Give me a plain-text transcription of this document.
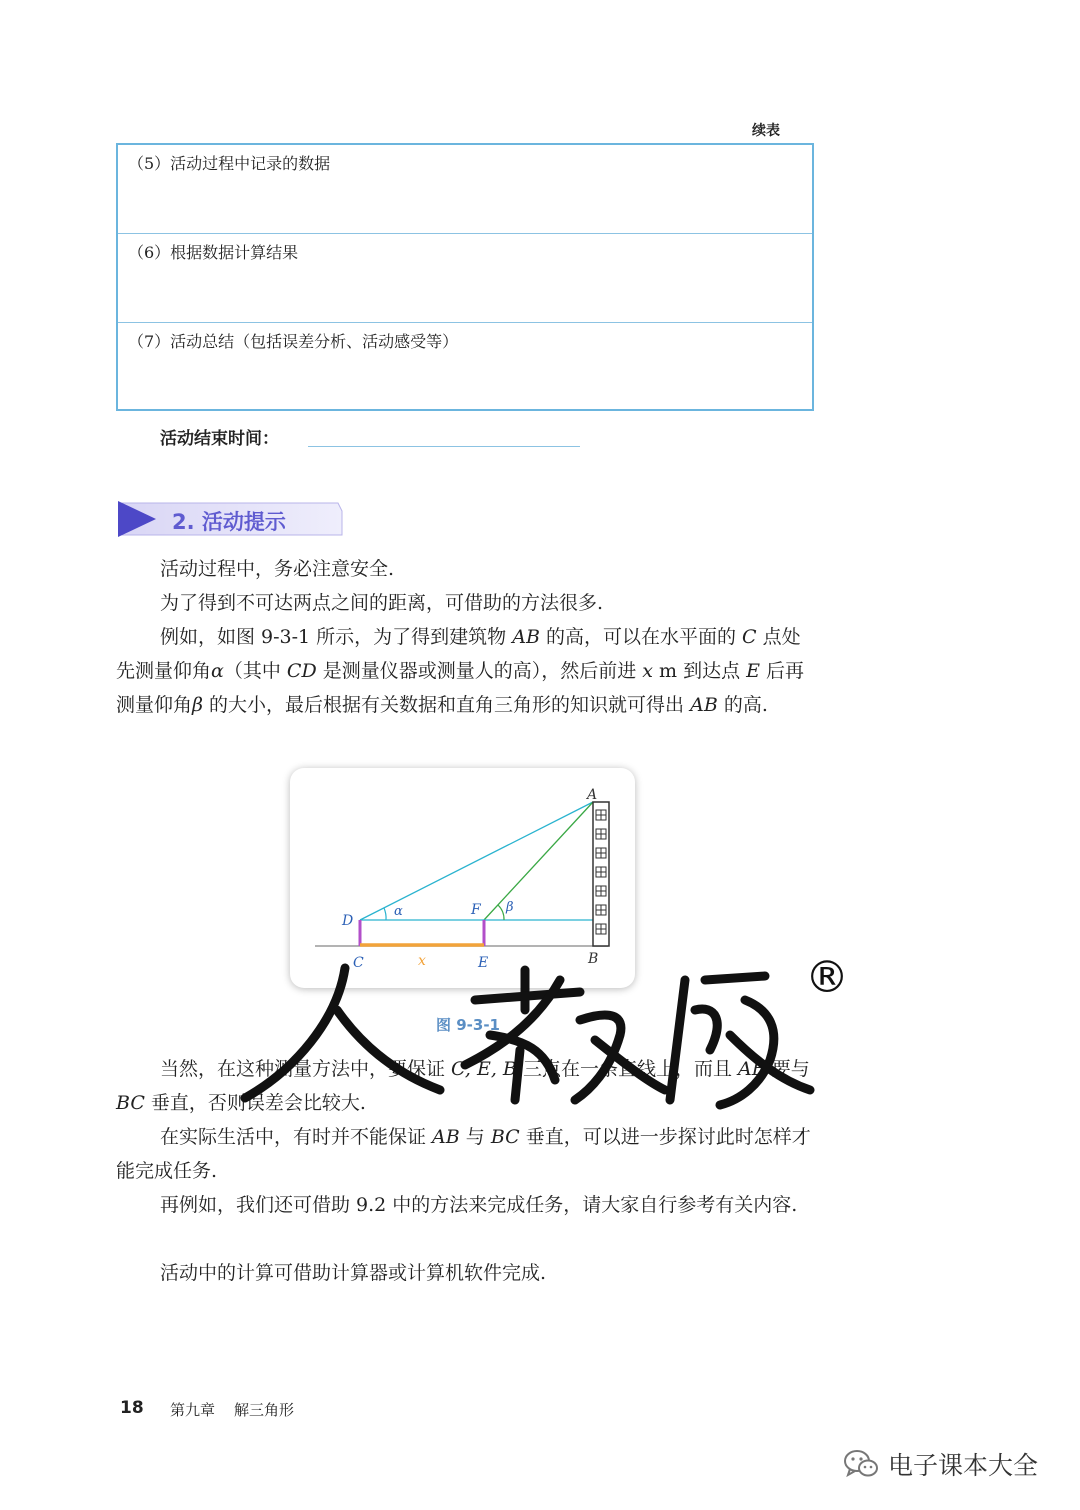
续表
（5）活动过程中记录的数据
（6）根据数据计算结果
（7）活动总结（包括误差分析、活动感受等）
活动结束时间：
2. 活动提示

活动过程中，务必注意安全.

为了得到不可达两点之间的距离，可借助的方法很多.

例如，如图 9-3-1 所示，为了得到建筑物 AB 的高，可以在水平面的 C 点处先测量仰角α（其中 CD 是测量仪器或测量人的高），然后前进 x m 到达点 E 后再测量仰角β 的大小，最后根据有关数据和直角三角形的知识就可得出 AB 的高.

A
B
C
D
E
F
x
α	β
图 9-3-1

当然，在这种测量方法中，要保证 C, E, B 三点在一条直线上，而且 AB 要与 BC 垂直，否则误差会比较大.

在实际生活中，有时并不能保证 AB 与 BC 垂直，可以进一步探讨此时怎样才能完成任务.

再例如，我们还可借助 9.2 中的方法来完成任务，请大家自行参考有关内容.

活动中的计算可借助计算器或计算机软件完成.

®
18 第九章 解三角形
电子课本大全
